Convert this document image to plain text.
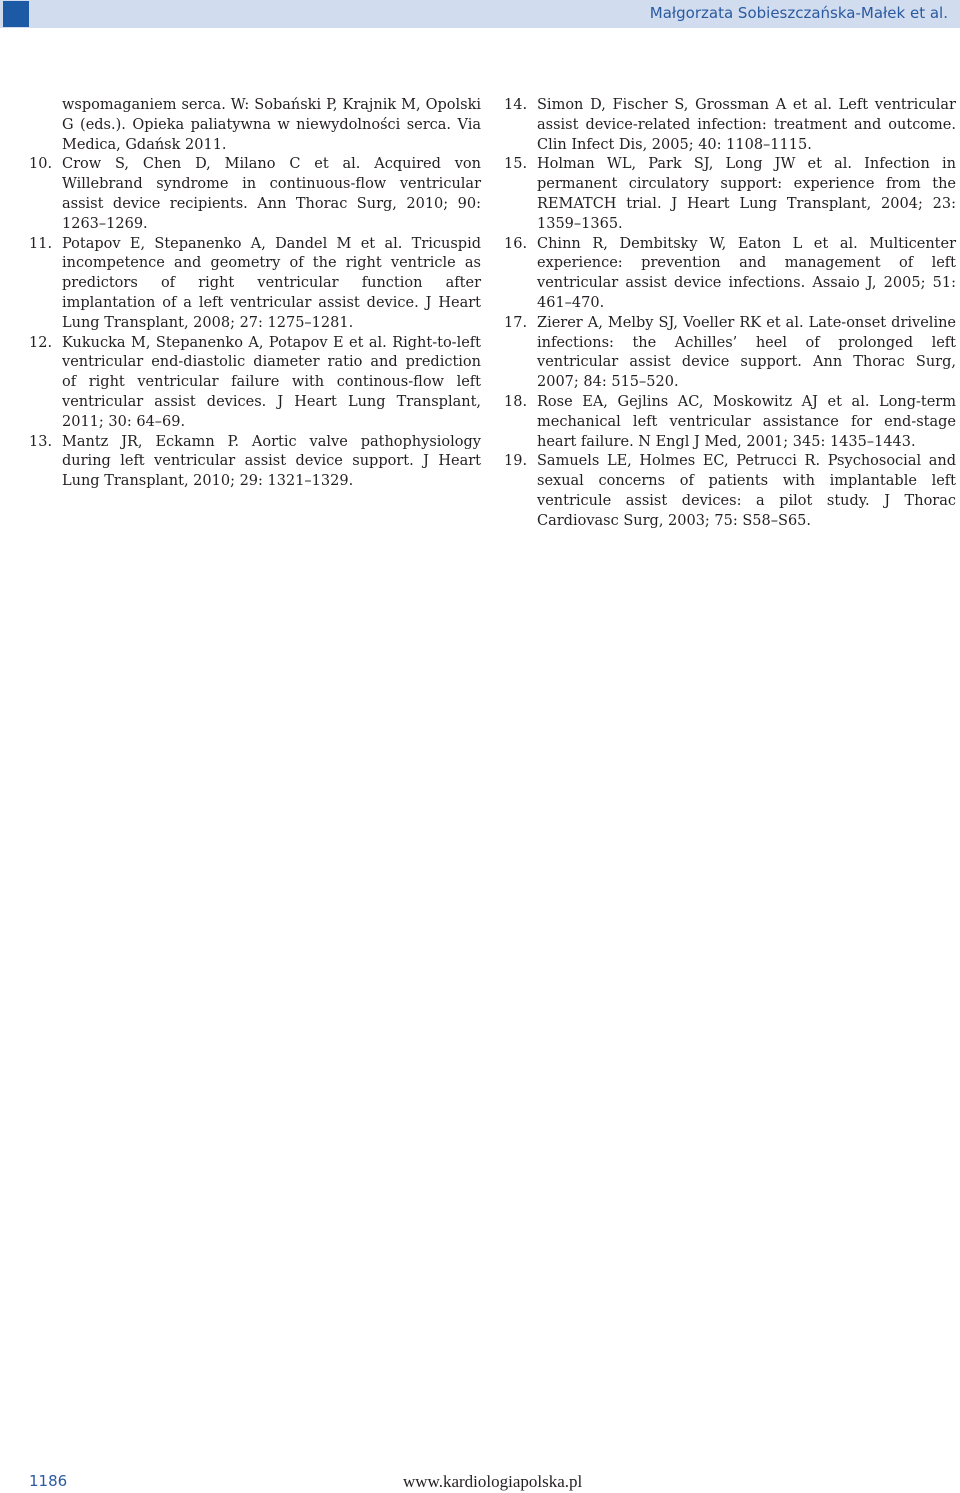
Małgorzata Sobieszczańska-Małek et al.
wspomaganiem serca. W: Sobański P, Krajnik M, Opolski G (eds.). Opieka paliatywna w niewydolności serca. Via Medica, Gdańsk 2011.
10. Crow S, Chen D, Milano C et al. Acquired von Willebrand syndrome in continuous-flow ventricular assist device recipients. Ann Thorac Surg, 2010; 90: 1263–1269.
11. Potapov E, Stepanenko A, Dandel M et al. Tricuspid incompetence and geometry of the right ventricle as predictors of right ventricular function after implantation of a left ventricular assist device. J Heart Lung Transplant, 2008; 27: 1275–1281.
12. Kukucka M, Stepanenko A, Potapov E et al. Right-to-left ventricular end-diastolic diameter ratio and prediction of right ventricular failure with continous-flow left ventricular assist devices. J Heart Lung Transplant, 2011; 30: 64–69.
13. Mantz JR, Eckamn P. Aortic valve pathophysiology during left ventricular assist device support. J Heart Lung Transplant, 2010; 29: 1321–1329.
14. Simon D, Fischer S, Grossman A et al. Left ventricular assist device-related infection: treatment and outcome. Clin Infect Dis, 2005; 40: 1108–1115.
15. Holman WL, Park SJ, Long JW et al. Infection in permanent circulatory support: experience from the REMATCH trial. J Heart Lung Transplant, 2004; 23: 1359–1365.
16. Chinn R, Dembitsky W, Eaton L et al. Multicenter experience: prevention and management of left ventricular assist device infections. Assaio J, 2005; 51: 461–470.
17. Zierer A, Melby SJ, Voeller RK et al. Late-onset driveline infections: the Achilles’ heel of prolonged left ventricular assist device support. Ann Thorac Surg, 2007; 84: 515–520.
18. Rose EA, Gejlins AC, Moskowitz AJ et al. Long-term mechanical left ventricular assistance for end-stage heart failure. N Engl J Med, 2001; 345: 1435–1443.
19. Samuels LE, Holmes EC, Petrucci R. Psychosocial and sexual concerns of patients with implantable left ventricule assist devices: a pilot study. J Thorac Cardiovasc Surg, 2003; 75: S58–S65.
1186	www.kardiologiapolska.pl
